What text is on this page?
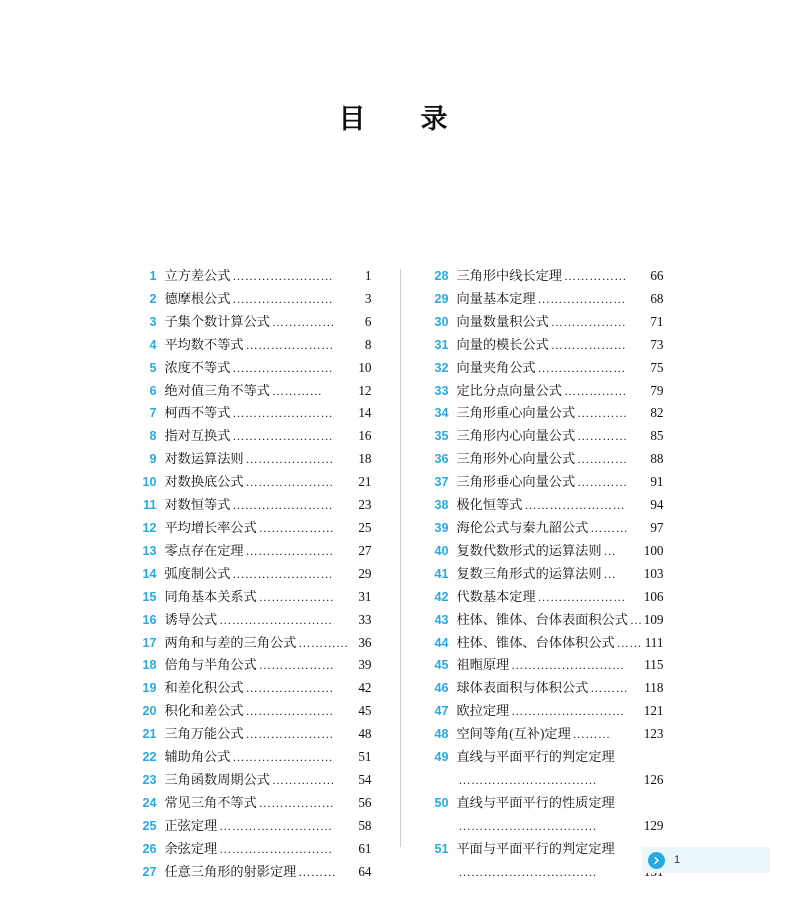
目　录
1 立方差公式 ……………………	1
2 德摩根公式 ……………………	3
3 子集个数计算公式 ……………	6
4 平均数不等式 …………………	8
5 浓度不等式 ……………………	10
6 绝对值三角不等式 …………	12
7 柯西不等式 ……………………	14
8 指对互换式 ……………………	16
9 对数运算法则 …………………	18
10 对数换底公式 …………………	21
11 对数恒等式 ……………………	23
12 平均增长率公式 ………………	25
13 零点存在定理 …………………	27
14 弧度制公式 ……………………	29
15 同角基本关系式 ………………	31
16 诱导公式 ………………………	33
17 两角和与差的三角公式 ………… 36
18 倍角与半角公式 ………………	39
19 和差化积公式 …………………	42
20 积化和差公式 …………………	45
21 三角万能公式 …………………	48
22 辅助角公式 ……………………	51
23 三角函数周期公式 ……………	54
24 常见三角不等式 ………………	56
25 正弦定理 ………………………	58
26 余弦定理 ………………………	61
27 任意三角形的射影定理 ………	64
28 三角形中线长定理 ……………	66
29 向量基本定理 …………………	68
30 向量数量积公式 ………………	71
31 向量的模长公式 ………………	73
32 向量夹角公式 …………………	75
33 定比分点向量公式 ……………	79
34 三角形重心向量公式 …………	82
35 三角形内心向量公式 …………	85
36 三角形外心向量公式 …………	88
37 三角形垂心向量公式 …………	91
38 极化恒等式 ……………………	94
39 海伦公式与秦九韶公式 ………	97
40 复数代数形式的运算法则 …	100
41 复数三角形式的运算法则 …	103
42 代数基本定理 …………………	106
43 柱体、锥体、台体表面积公式 … 109
44 柱体、锥体、台体体积公式 …… 111
45 祖暅原理 ………………………	115
46 球体表面积与体积公式 ………	118
47 欧拉定理 ………………………	121
48 空间等角(互补)定理 ………	123
49 直线与平面平行的判定定理
……………………………	126
50 直线与平面平行的性质定理
……………………………	129
51 平面与平面平行的判定定理
……………………………
1
